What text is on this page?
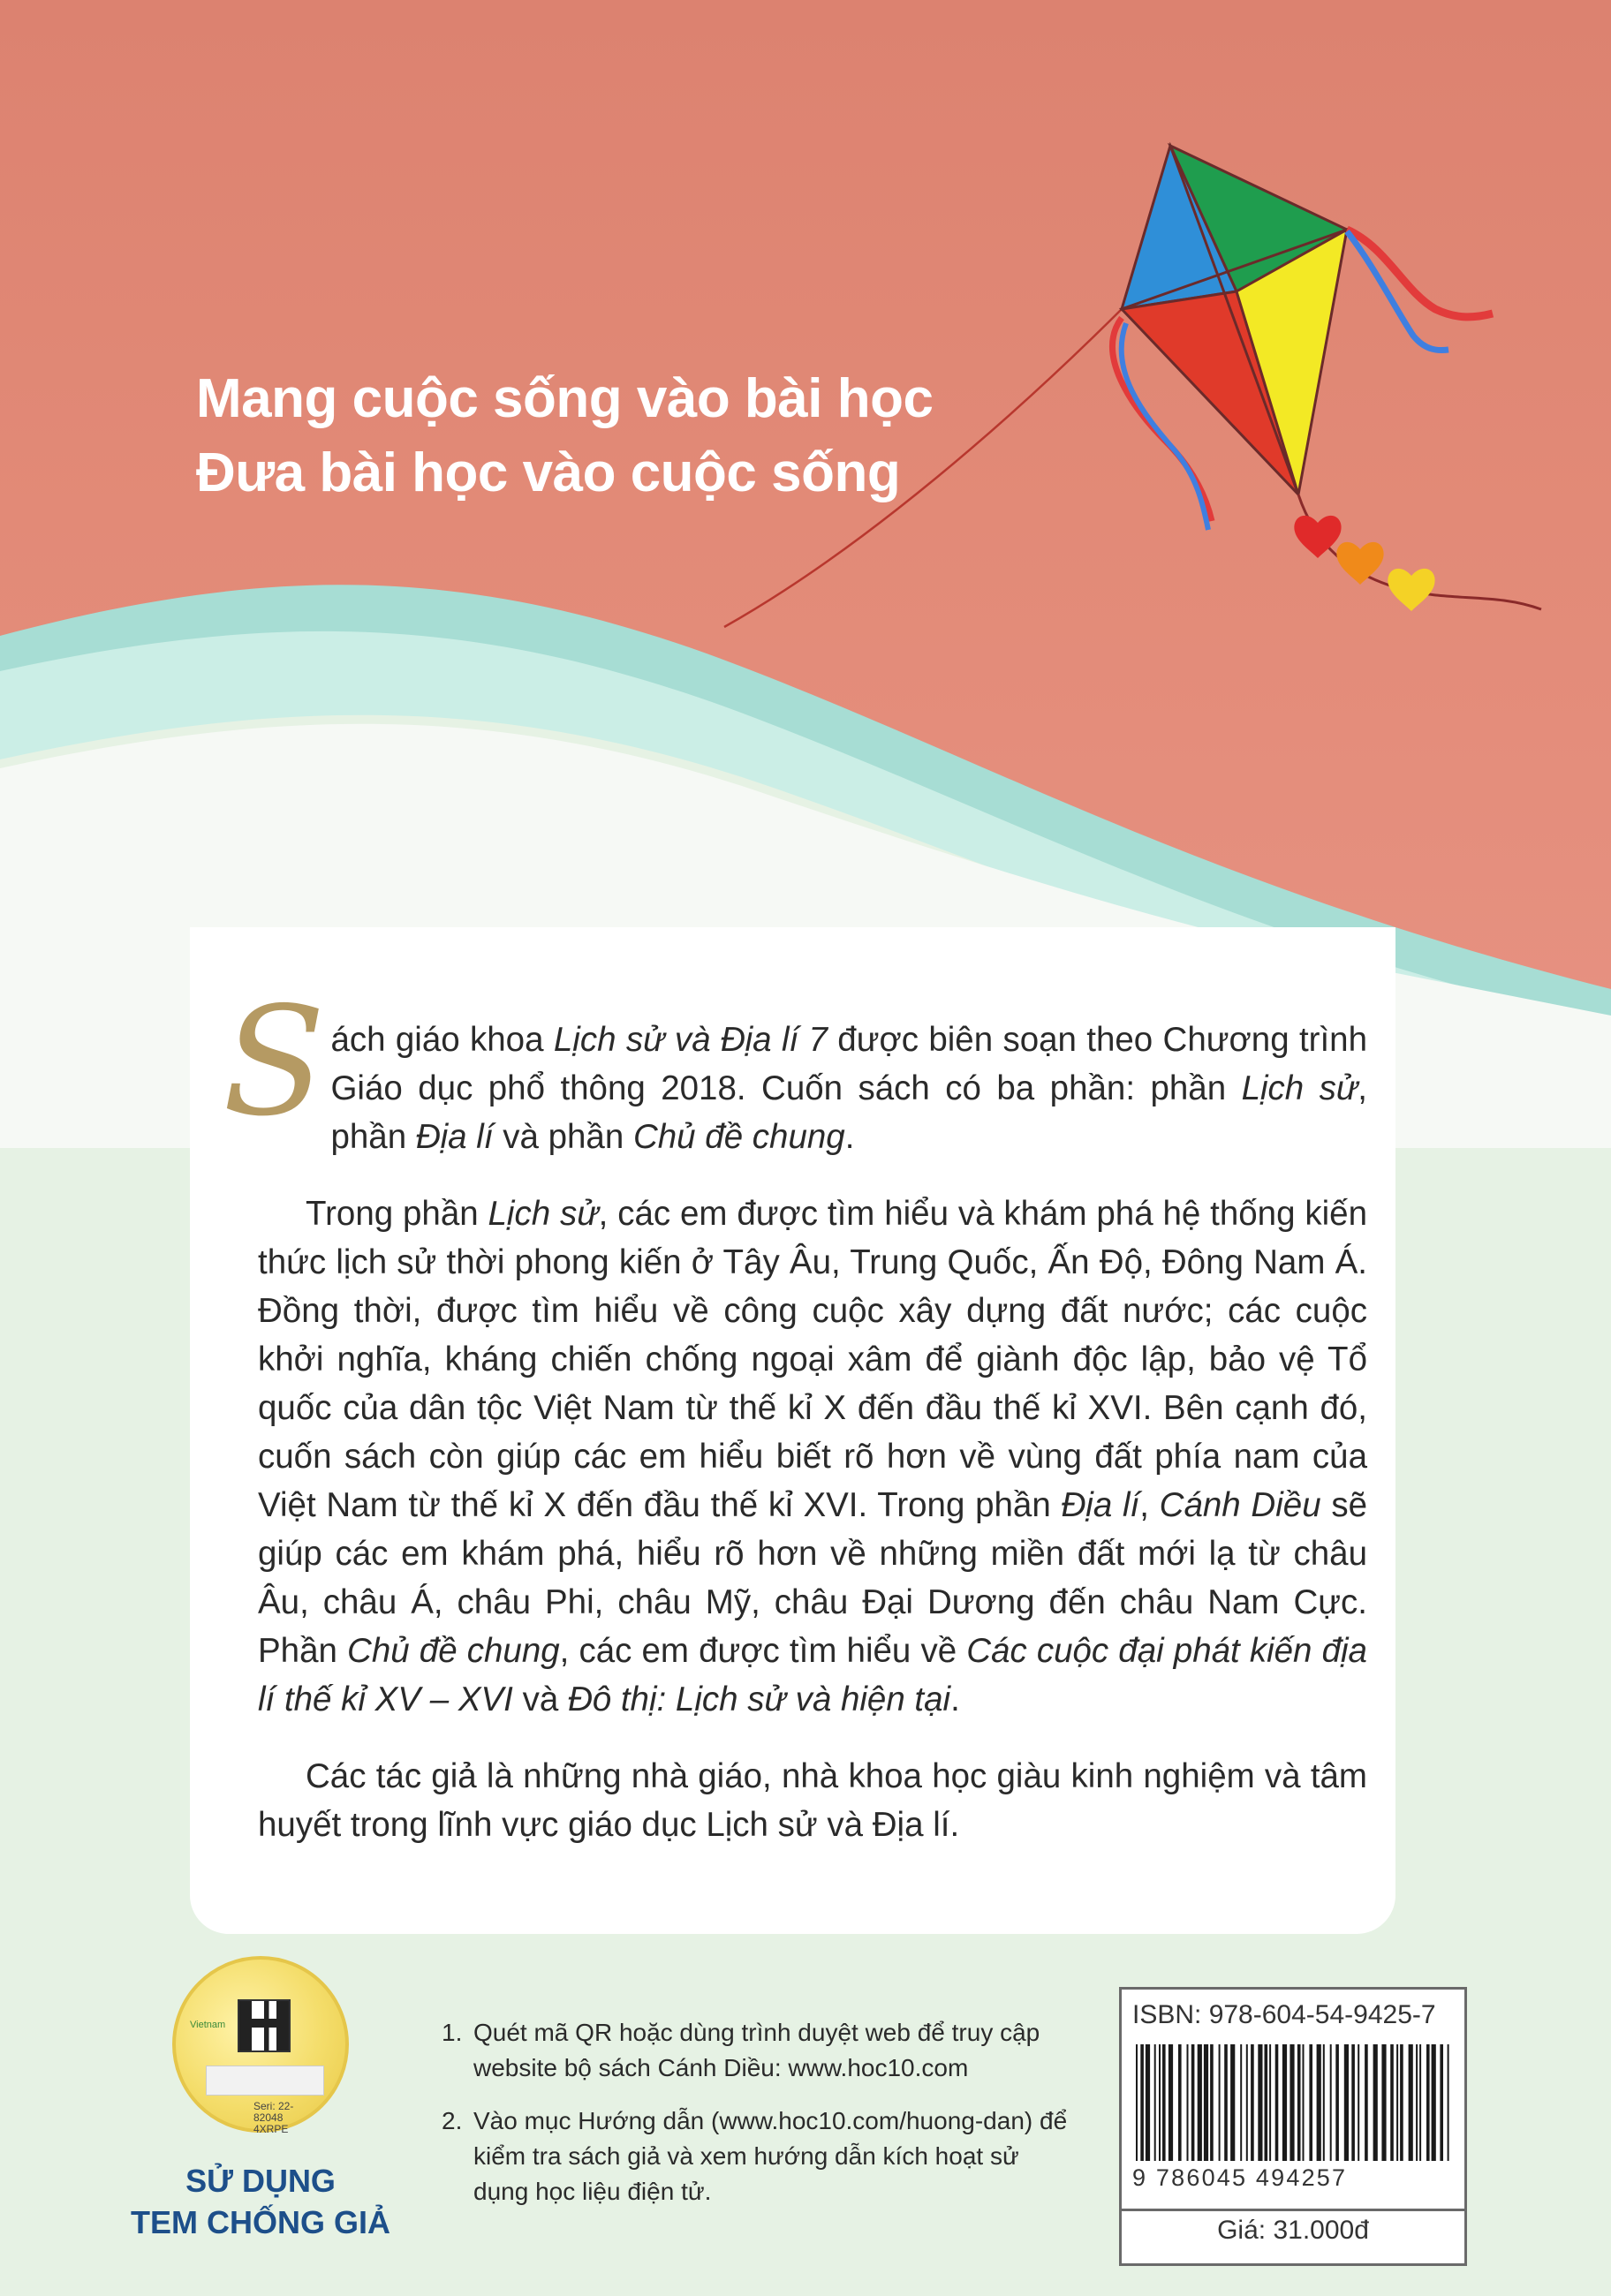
Mang cuộc sống vào bài học
Đưa bài học vào cuộc sống

Sách giáo khoa Lịch sử và Địa lí 7 được biên soạn theo Chương trình Giáo dục phổ thông 2018. Cuốn sách có ba phần: phần Lịch sử, phần Địa lí và phần Chủ đề chung.

Trong phần Lịch sử, các em được tìm hiểu và khám phá hệ thống kiến thức lịch sử thời phong kiến ở Tây Âu, Trung Quốc, Ấn Độ, Đông Nam Á. Đồng thời, được tìm hiểu về công cuộc xây dựng đất nước; các cuộc khởi nghĩa, kháng chiến chống ngoại xâm để giành độc lập, bảo vệ Tổ quốc của dân tộc Việt Nam từ thế kỉ X đến đầu thế kỉ XVI. Bên cạnh đó, cuốn sách còn giúp các em hiểu biết rõ hơn về vùng đất phía nam của Việt Nam từ thế kỉ X đến đầu thế kỉ XVI. Trong phần Địa lí, Cánh Diều sẽ giúp các em khám phá, hiểu rõ hơn về những miền đất mới lạ từ châu Âu, châu Á, châu Phi, châu Mỹ, châu Đại Dương đến châu Nam Cực. Phần Chủ đề chung, các em được tìm hiểu về Các cuộc đại phát kiến địa lí thế kỉ XV – XVI và Đô thị: Lịch sử và hiện tại.

Các tác giả là những nhà giáo, nhà khoa học giàu kinh nghiệm và tâm huyết trong lĩnh vực giáo dục Lịch sử và Địa lí.

Vietnam
Seri: 22-82048
4XRPE
SỬ DỤNG
TEM CHỐNG GIẢ
1. Quét mã QR hoặc dùng trình duyệt web để truy cập website bộ sách Cánh Diều: www.hoc10.com
2. Vào mục Hướng dẫn (www.hoc10.com/huong-dan) để kiểm tra sách giả và xem hướng dẫn kích hoạt sử dụng học liệu điện tử.
ISBN: 978-604-54-9425-7
9 786045 494257
Giá: 31.000đ
